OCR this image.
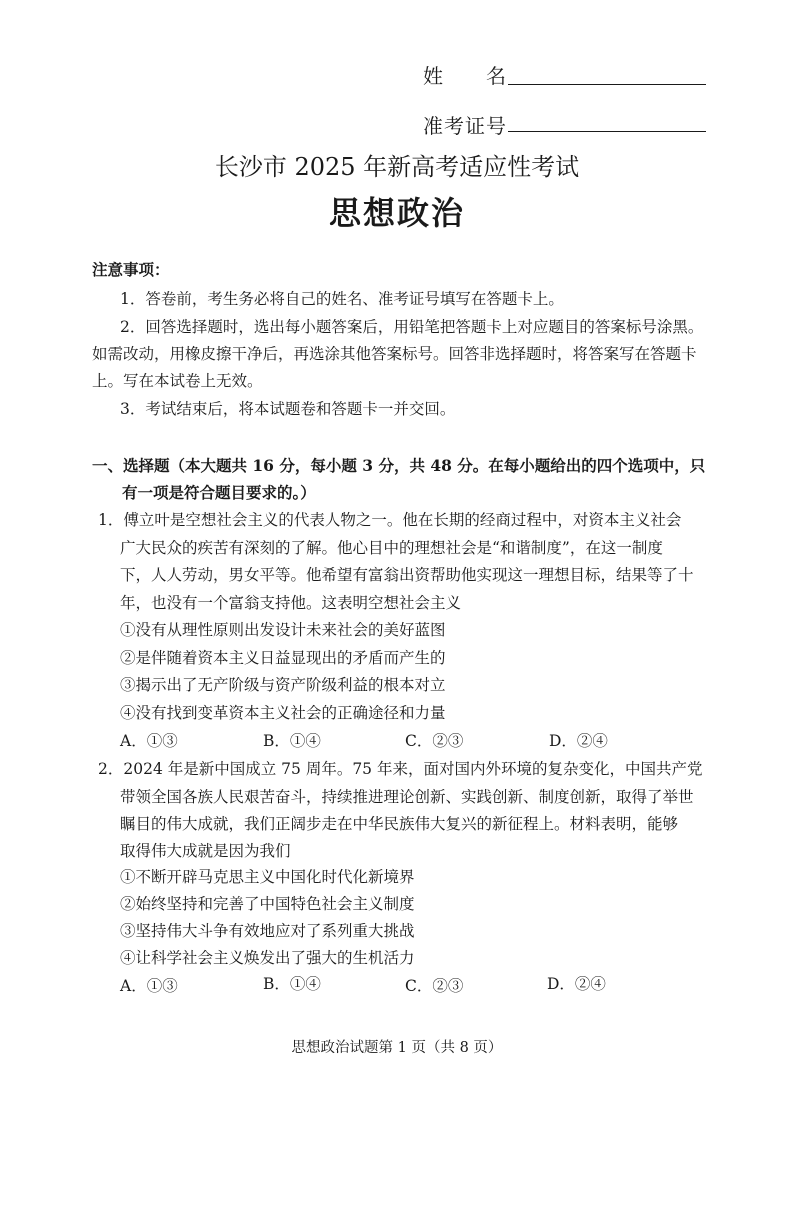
姓　　名
准考证号
长沙市 2025 年新高考适应性考试
思想政治
注意事项：
1．答卷前，考生务必将自己的姓名、准考证号填写在答题卡上。
2．回答选择题时，选出每小题答案后，用铅笔把答题卡上对应题目的答案标号涂黑。
如需改动，用橡皮擦干净后，再选涂其他答案标号。回答非选择题时，将答案写在答题卡
上。写在本试卷上无效。
3．考试结束后，将本试题卷和答题卡一并交回。
一、选择题（本大题共 16 分，每小题 3 分，共 48 分。在每小题给出的四个选项中，只
有一项是符合题目要求的。）
1．傅立叶是空想社会主义的代表人物之一。他在长期的经商过程中，对资本主义社会
广大民众的疾苦有深刻的了解。他心目中的理想社会是“和谐制度”，在这一制度
下，人人劳动，男女平等。他希望有富翁出资帮助他实现这一理想目标，结果等了十
年，也没有一个富翁支持他。这表明空想社会主义
①没有从理性原则出发设计未来社会的美好蓝图
②是伴随着资本主义日益显现出的矛盾而产生的
③揭示出了无产阶级与资产阶级利益的根本对立
④没有找到变革资本主义社会的正确途径和力量
A．①③	B．①④	C．②③	D．②④
2．2024 年是新中国成立 75 周年。75 年来，面对国内外环境的复杂变化，中国共产党
带领全国各族人民艰苦奋斗，持续推进理论创新、实践创新、制度创新，取得了举世
瞩目的伟大成就，我们正阔步走在中华民族伟大复兴的新征程上。材料表明，能够
取得伟大成就是因为我们
①不断开辟马克思主义中国化时代化新境界
②始终坚持和完善了中国特色社会主义制度
③坚持伟大斗争有效地应对了系列重大挑战
④让科学社会主义焕发出了强大的生机活力
A．①③	B．①④	C．②③	D．②④
思想政治试题第 1 页（共 8 页）
